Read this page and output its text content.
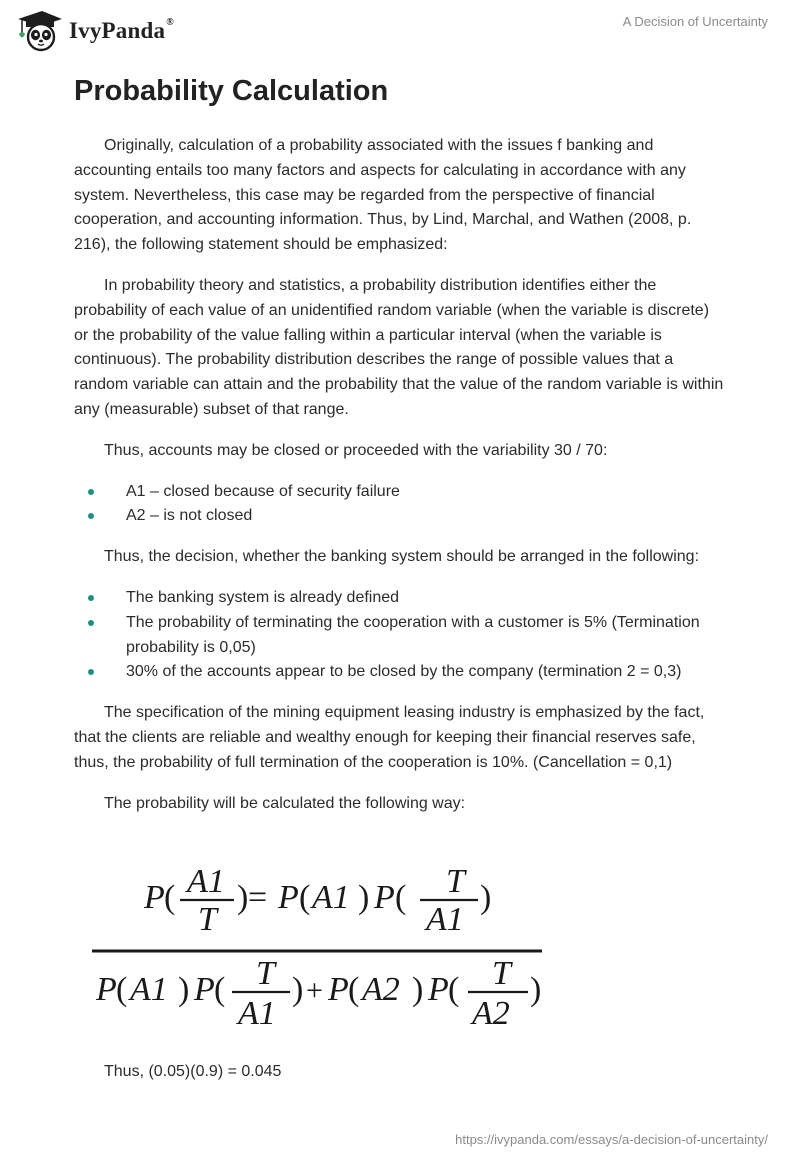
IvyPanda®	A Decision of Uncertainty
Probability Calculation

Originally, calculation of a probability associated with the issues f banking and accounting entails too many factors and aspects for calculating in accordance with any system. Nevertheless, this case may be regarded from the perspective of financial cooperation, and accounting information. Thus, by Lind, Marchal, and Wathen (2008, p. 216), the following statement should be emphasized:

In probability theory and statistics, a probability distribution identifies either the probability of each value of an unidentified random variable (when the variable is discrete) or the probability of the value falling within a particular interval (when the variable is continuous). The probability distribution describes the range of possible values that a random variable can attain and the probability that the value of the random variable is within any (measurable) subset of that range.

Thus, accounts may be closed or proceeded with the variability 30 / 70:

A1 – closed because of security failure
A2 – is not closed

Thus, the decision, whether the banking system should be arranged in the following:

The banking system is already defined
The probability of terminating the cooperation with a customer is 5% (Termination probability is 0,05)
30% of the accounts appear to be closed by the company (termination 2 = 0,3)

The specification of the mining equipment leasing industry is emphasized by the fact, that the clients are reliable and wealthy enough for keeping their financial reserves safe, thus, the probability of full termination of the cooperation is 10%. (Cancellation = 0,1)

The probability will be calculated the following way:

P ( A1
T
) = P ( A1 ) P ( T
A1
)
P ( A1 ) P ( T
A1
) + P ( A2 ) P ( T
A2
)

Thus, (0.05)(0.9) = 0.045

https://ivypanda.com/essays/a-decision-of-uncertainty/
